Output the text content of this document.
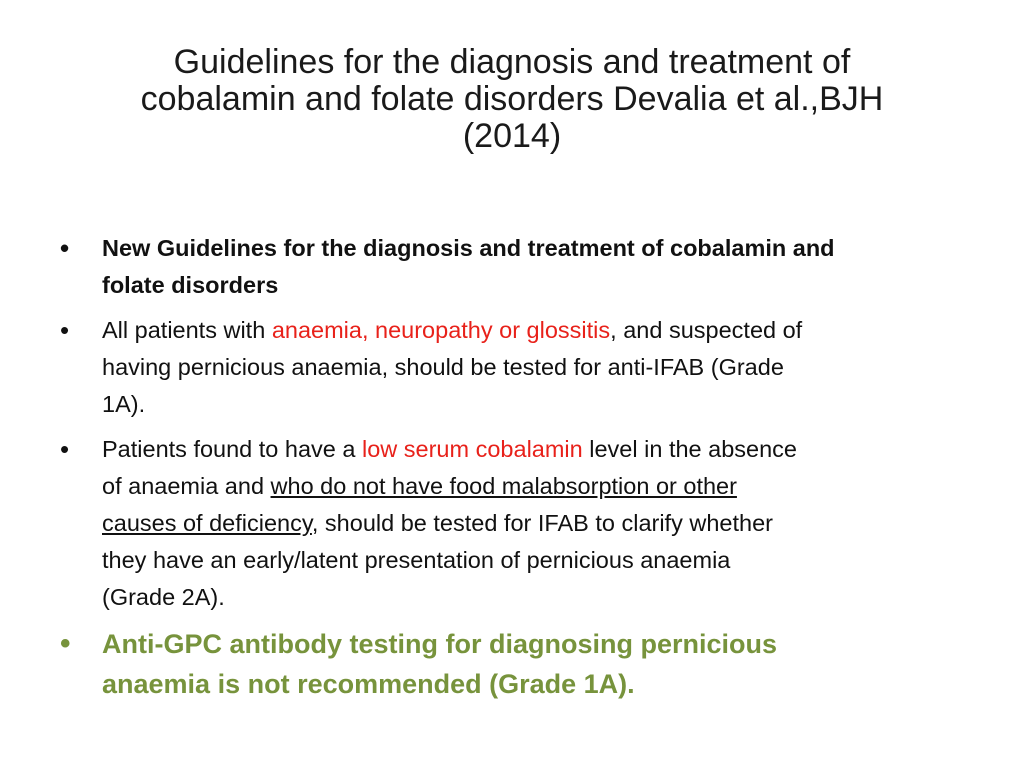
Guidelines for the diagnosis and treatment of
cobalamin and folate disorders Devalia et al.,BJH
(2014)
• New Guidelines for the diagnosis and treatment of cobalamin and
folate disorders
• All patients with anaemia, neuropathy or glossitis, and suspected of
having pernicious anaemia, should be tested for anti-IFAB (Grade
1A).
• Patients found to have a low serum cobalamin level in the absence
of anaemia and who do not have food malabsorption or other
causes of deficiency, should be tested for IFAB to clarify whether
they have an early/latent presentation of pernicious anaemia
(Grade 2A).
• Anti-GPC antibody testing for diagnosing pernicious
anaemia is not recommended (Grade 1A).
